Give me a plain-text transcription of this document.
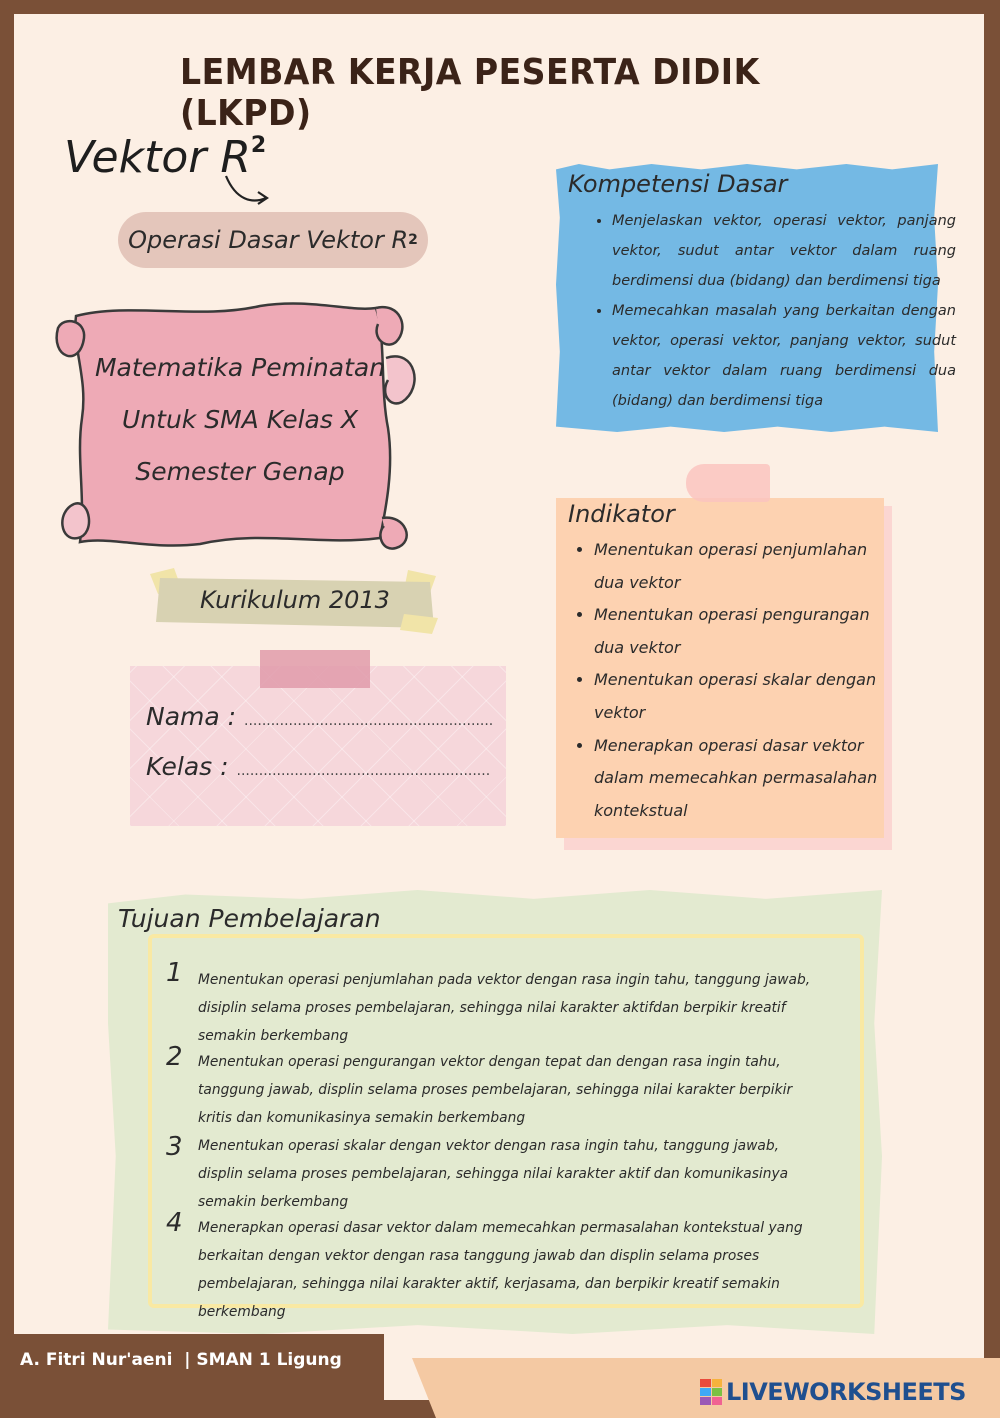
LEMBAR KERJA PESERTA DIDIK (LKPD)
Vektor $R^2$
Operasi Dasar Vektor R 2
Matematika Peminatan
Untuk SMA Kelas X
Semester Genap
Kurikulum 2013
Nama : ........................................................
Kelas : .........................................................
Kompetensi Dasar
• Menjelaskan vektor, operasi vektor, panjang vektor, sudut antar vektor dalam ruang berdimensi dua (bidang) dan berdimensi tiga
• Memecahkan masalah yang berkaitan dengan vektor, operasi vektor, panjang vektor, sudut antar vektor dalam ruang berdimensi dua (bidang) dan berdimensi tiga
Indikator
• Menentukan operasi penjumlahan dua vektor
• Menentukan operasi pengurangan dua vektor
• Menentukan operasi skalar dengan vektor
• Menerapkan operasi dasar vektor dalam memecahkan permasalahan kontekstual
Tujuan Pembelajaran
1 Menentukan operasi penjumlahan pada vektor dengan rasa ingin tahu, tanggung jawab, disiplin selama proses pembelajaran, sehingga nilai karakter aktifdan berpikir kreatif semakin berkembang
2 Menentukan operasi pengurangan vektor dengan tepat dan dengan rasa ingin tahu, tanggung jawab, displin selama proses pembelajaran, sehingga nilai karakter berpikir kritis dan komunikasinya semakin berkembang
3 Menentukan operasi skalar dengan vektor dengan rasa ingin tahu, tanggung jawab, displin selama proses pembelajaran, sehingga nilai karakter aktif dan komunikasinya semakin berkembang
4 Menerapkan operasi dasar vektor dalam memecahkan permasalahan kontekstual yang berkaitan dengan vektor dengan rasa tanggung jawab dan displin selama proses pembelajaran, sehingga nilai karakter aktif, kerjasama, dan berpikir kreatif semakin berkembang
A. Fitri Nur'aeni  | SMAN 1 Ligung
LIVEWORKSHEETS
